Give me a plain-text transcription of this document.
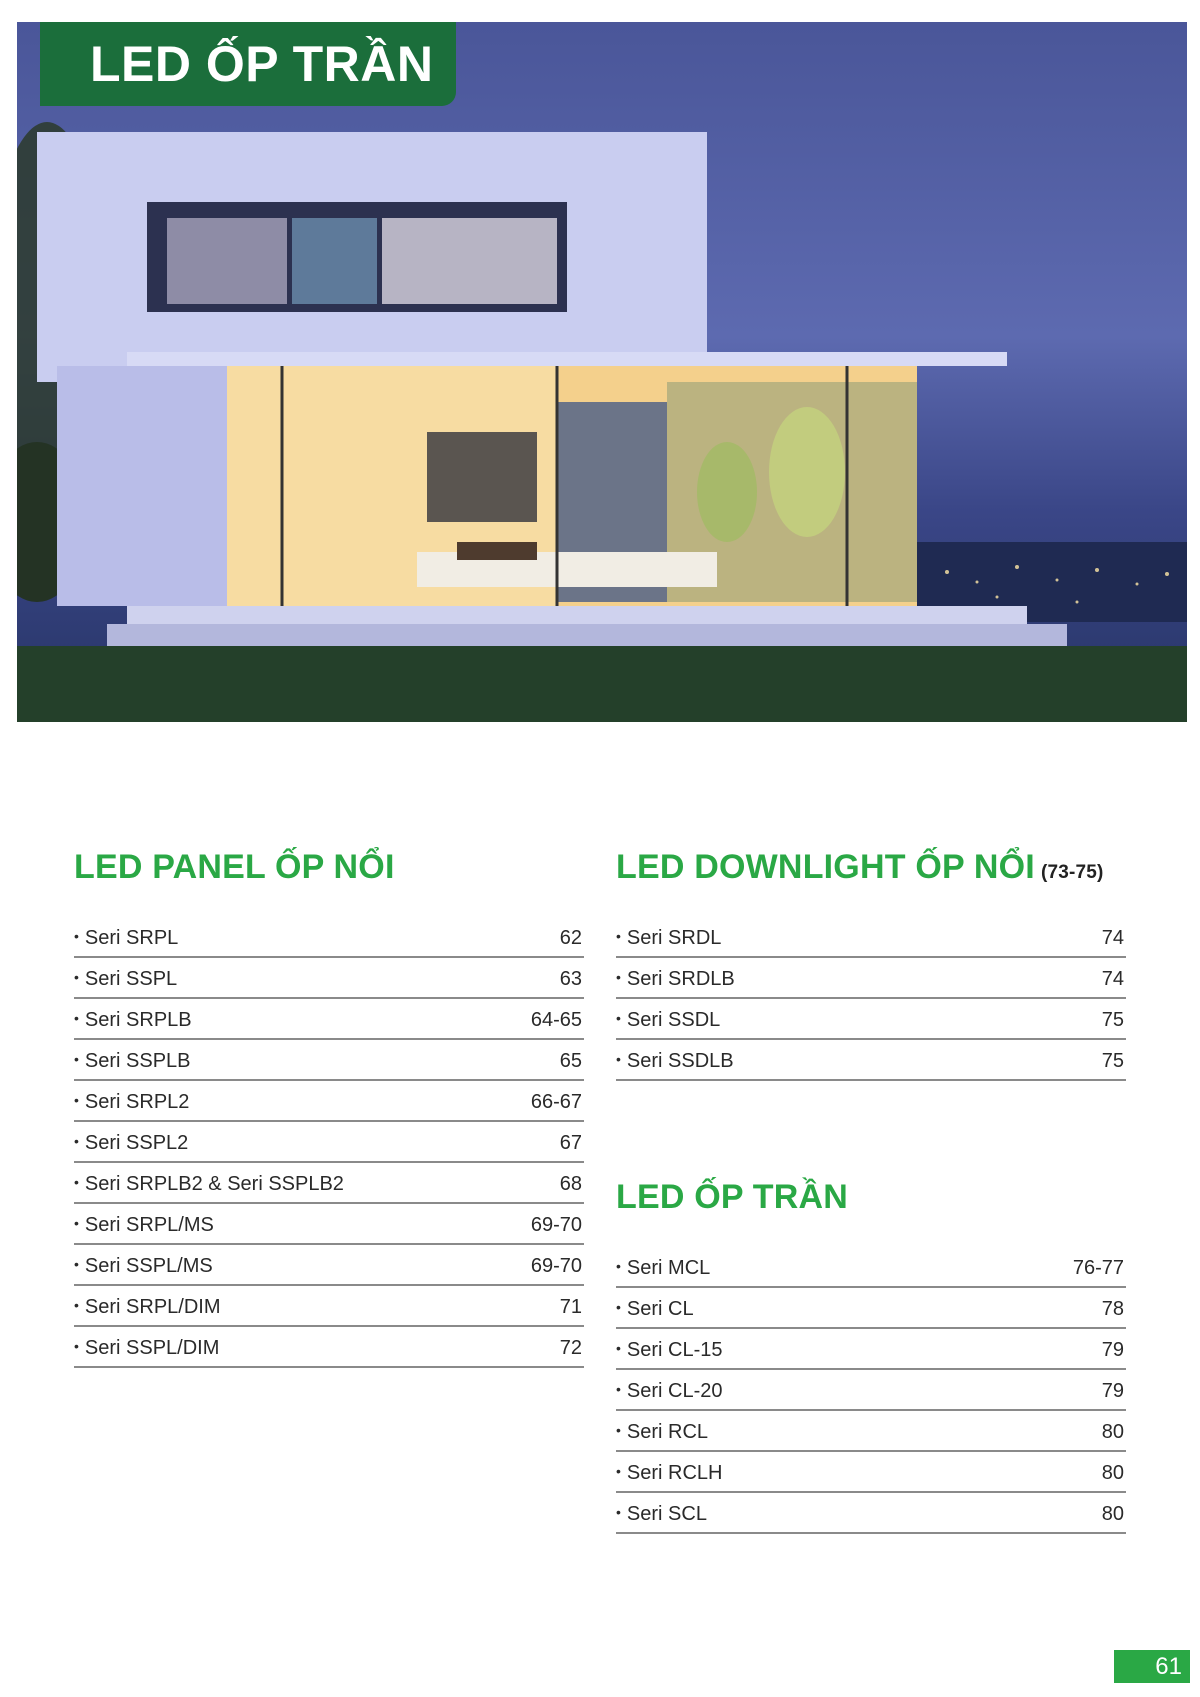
LED ỐP TRẦN
LED PANEL ỐP NỔI
• Seri SRPL	62
• Seri SSPL	63
• Seri SRPLB	64-65
• Seri SSPLB	65
• Seri SRPL2	66-67
• Seri SSPL2	67
• Seri SRPLB2 & Seri SSPLB2	68
• Seri SRPL/MS	69-70
• Seri SSPL/MS	69-70
• Seri SRPL/DIM	71
• Seri SSPL/DIM	72
LED DOWNLIGHT ỐP NỔI (73-75)
• Seri SRDL	74
• Seri SRDLB	74
• Seri SSDL	75
• Seri SSDLB	75
LED ỐP TRẦN
• Seri MCL	76-77
• Seri CL	78
• Seri CL-15	79
• Seri CL-20	79
• Seri RCL	80
• Seri RCLH	80
• Seri SCL	80
61
